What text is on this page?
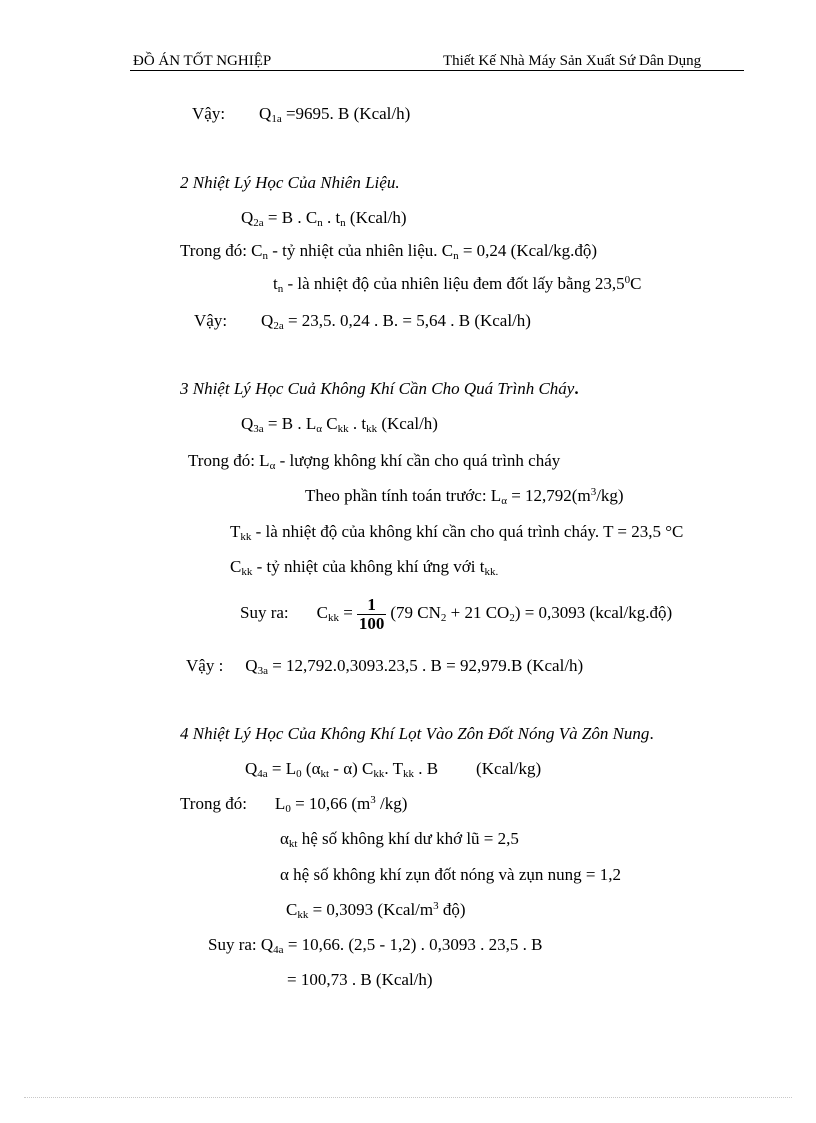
ĐỒ ÁN TỐT NGHIỆP	Thiết Kế Nhà Máy Sản Xuất Sứ Dân Dụng
Vậy: $Q_{1a} =9695$. B (Kcal/h)
2 Nhiệt Lý Học Của Nhiên Liệu.
$Q_{2a} = B$ . $C_n$ . $t_n$ (Kcal/h)
Trong đó: $C_n$ - tỷ nhiệt của nhiên liệu. $C_n = 0,24$ (Kcal/kg.độ)
$t_n$ - là nhiệt độ của nhiên liệu đem đốt lấy bằng 23,5$^0$C
Vậy: $Q_{2a} = 23,5$. 0,24 . B. = 5,64 . B (Kcal/h)
3 Nhiệt Lý Học Cuả Không Khí Cần Cho Quá Trình Cháy.
$Q_{3a} = B$ . $L_\alpha$ $C_{kk}$ . $t_{kk}$ (Kcal/h)
Trong đó: $L_\alpha$ - lượng không khí cần cho quá trình cháy
Theo phần tính toán trước: $L_\alpha = 12,792(m^3/kg)$
$T_{kk}$ - là nhiệt độ của không khí cần cho quá trình cháy. T = 23,5 °C
$C_{kk}$ - tỷ nhiệt của không khí ứng với $t_{kk.}$
Suy ra: $C_{kk} = \frac{1}{100} (79$ $CN_2 + 21$ $CO_2) = 0,3093$ (kcal/kg.độ)
Vậy : $Q_{3a} = 12,792.0,3093.23,5$ . B = 92,979.B (Kcal/h)
4 Nhiệt Lý Học Của Không Khí Lọt Vào Zôn Đốt Nóng Và Zôn Nung.
$Q_{4a} = L_0$ $(\alpha_{kt} - \alpha)$ $C_{kk}$. $T_{kk}$ . B (Kcal/kg)
Trong đó: $L_0 = 10,66$ ($m^3$ /kg)
$\alpha_{kt}$ hệ số không khí dư khớ lũ = 2,5
α hệ số không khí zụn đốt nóng và zụn nung = 1,2
$C_{kk} = 0,3093$ ($Kcal/m^3$ độ)
Suy ra: $Q_{4a} = 10,66$. (2,5 - 1,2) . 0,3093 . 23,5 . B
= 100,73 . B (Kcal/h)
